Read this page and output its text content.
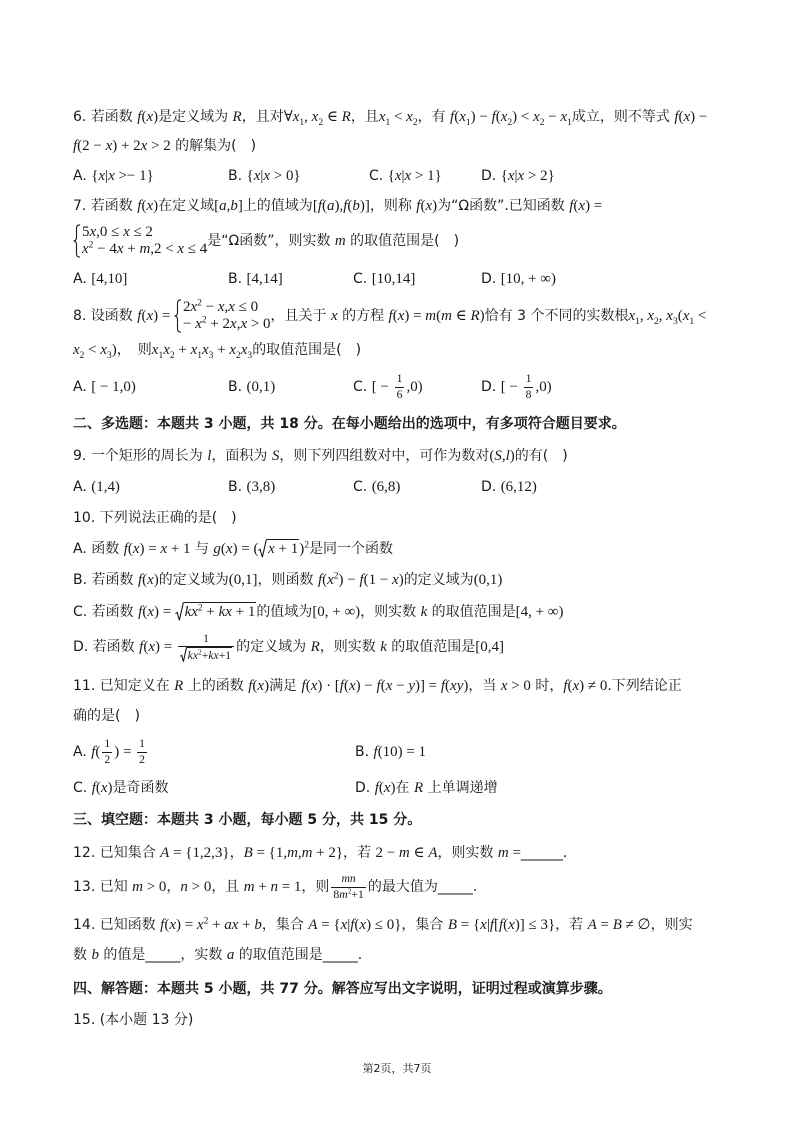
6. 若函数 f(x)是定义域为 R，且对$\forall x_1$, $x_2$ ∈ R，且$x_1 < x_2$，有 $f(x_1) - f(x_2) < x_2 - x_1$成立，则不等式 f(x) −
f(2 − x) + 2x > 2 的解集为(　)

A. {x|x >− 1}

	B. {x|x > 0}

	C. {x|x > 1}

	D. {x|x > 2}

7. 若函数 f(x)在定义域[a,b]上的值域为[f(a),f(b)]，则称 f(x)为“Ω函数”.已知函数 f(x) =
5x,0 ≤ x ≤ 2
$x^2 - 4x + m,2 < x \le 4$ 是“Ω函数”，则实数 m 的取值范围是(　)

A. [4,10]

	B. [4,14]

	C. [10,14]

	D. [10, + ∞)

8. 设函数 f(x) =
$2x^2 - x,x \le 0$
− $x^2 + 2x,x > 0$ ，且关于 x 的方程 f(x) = m(m ∈ R)恰有 3 个不同的实数根$x_1$, $x_2$, $x_3(x_1$ <
$x_2 < x_3$)，　则$x_1x_2 + x_1x_3 + x_2x_3$的取值范围是(　)

A. [ − 1,0)

	B. (0,1)

	C. [ − $\frac{1}{6} ,0$)

	D. [ − $\frac{1}{8} ,0$)

二、多选题：本题共 3 小题，共 18 分。在每小题给出的选项中，有多项符合题目要求。
9. 一个矩形的周长为 l，面积为 S，则下列四组数对中，可作为数对(S,l)的有(　)

A. (1,4)

	B. (3,8)

	C. (6,8)

	D. (6,12)

10. 下列说法正确的是(　)
A. 函数 f(x) = x + 1 与 g(x) = ( x + 1)$^2$是同一个函数
B. 若函数 f(x)的定义域为(0,1]，则函数 $f(x^2) - f(1 - x)$的定义域为(0,1)
C. 若函数 f(x) =
$kx^2$ + kx + 1的值域为[0, + ∞)，则实数 k 的取值范围是[4, + ∞)
D. 若函数 $f(x) = \frac{1}{kx^2+kx+1}$ 的定义域为 R，则实数 k 的取值范围是[0,4]
11. 已知定义在 R 上的函数 f(x)满足 f(x) · [f(x) − f(x − y)] = f(xy)，当 x > 0 时，f(x) ≠ 0.下列结论正
确的是(　)

A. $f( \frac{1}{2}$ ) = $\frac{1}{2}$

	B. f(10) = 1

C. f(x)是奇函数

	D. f(x)在 R 上单调递增

三、填空题：本题共 3 小题，每小题 5 分，共 15 分。
12. 已知集合 A = {1,2,3}，B = {1,m,m + 2}，若 2 − m ∈ A，则实数 m =______.
13. 已知 m > 0，n > 0，且 m + n = 1，则 $\frac{mn}{8m^2+1}$ 的最大值为_____.
14. 已知函数 $f(x) = x^2$ + ax + b，集合 A = {x|f(x) ≤ 0}，集合 B = {x|f[f(x)] ≤ 3}，若 A = B ≠ ∅，则实
数 b 的值是_____，实数 a 的取值范围是_____.
四、解答题：本题共 5 小题，共 77 分。解答应写出文字说明，证明过程或演算步骤。
15. (本小题 13 分)
第2页，共7页
